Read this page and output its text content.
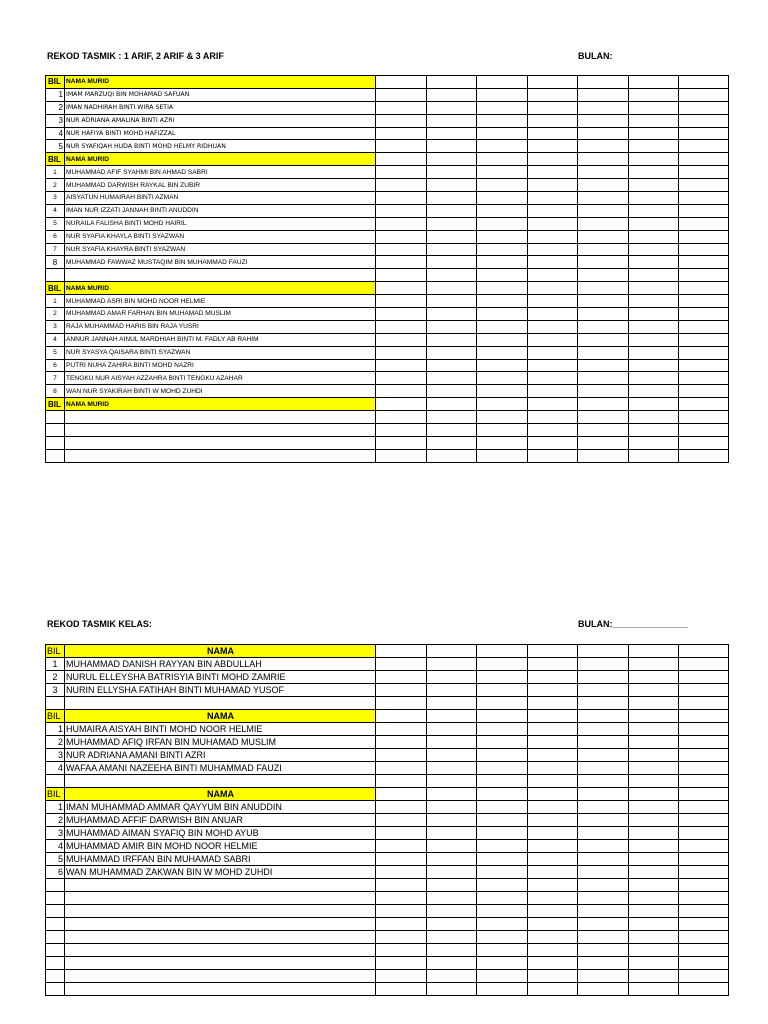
REKOD TASMIK : 1 ARIF, 2 ARIF & 3 ARIF	BULAN:
BIL	NAMA MURID							
1	IMAM MARZUQI BIN MOHAMAD SAFUAN							
2	IMAN NADHIRAH BINTI WIRA SETIA							
3	NUR ADRIANA AMALINA BINTI AZRI							
4	NUR HAFIYA BINTI MOHD HAFIZZAL							
5	NUR SYAFIQAH HUDA BINTI MOHD HELMY RIDHUAN							
BIL	NAMA MURID							
1	MUHAMMAD AFIF SYAHMI BIN AHMAD SABRI							
2	MUHAMMAD DARWISH RAYKAL BIN ZUBIR							
3	AISYATUN HUMAIRAH BINTI AZMAN							
4	IMAN NUR IZZATI JANNAH BINTI ANUDDIN							
5	NURAILA FALISHA BINTI MOHD HAIRIL							
6	NUR SYAFIA KHAYLA BINTI SYAZWAN							
7	NUR SYAFIA KHAYRA BINTI SYAZWAN							
8	MUHAMMAD FAWWAZ MUSTAQIM BIN MUHAMMAD FAUZI							

BIL	NAMA MURID							
1	MUHAMMAD ASRI BIN MOHD NOOR HELMIE							
2	MUHAMMAD AMAR FARHAN BIN MUHAMAD MUSLIM							
3	RAJA MUHAMMAD HARIS BIN RAJA YUSRI							
4	ANNUR JANNAH AINUL MARDHIAH BINTI M. FADLY AB RAHIM							
5	NUR SYASYA QAISARA BINTI SYAZWAN							
6	PUTRI NUHA ZAHIRA BINTI MOHD NAZRI							
7	TENGKU NUR AISYAH AZZAHRA BINTI TENGKU AZAHAR							
8	WAN NUR SYAKIRAH BINTI W MOHD ZUHDI							
BIL	NAMA MURID							

REKOD TASMIK KELAS:	BULAN:_______________
BIL	NAMA							
1	MUHAMMAD DANISH RAYYAN BIN ABDULLAH							
2	NURUL ELLEYSHA BATRISYIA BINTI MOHD ZAMRIE							
3	NURIN ELLYSHA FATIHAH BINTI MUHAMAD YUSOF							

BIL	NAMA							
1	HUMAIRA AISYAH BINTI MOHD NOOR HELMIE							
2	MUHAMMAD AFIQ IRFAN BIN MUHAMAD MUSLIM							
3	NUR ADRIANA AMANI BINTI AZRI							
4	WAFAA AMANI NAZEEHA BINTI MUHAMMAD FAUZI							

BIL	NAMA							
1	IMAN MUHAMMAD AMMAR QAYYUM BIN ANUDDIN							
2	MUHAMMAD AFFIF DARWISH BIN ANUAR							
3	MUHAMMAD AIMAN SYAFIQ BIN MOHD AYUB							
4	MUHAMMAD AMIR BIN MOHD NOOR HELMIE							
5	MUHAMMAD IRFFAN BIN MUHAMAD SABRI							
6	WAN MUHAMMAD ZAKWAN BIN W MOHD ZUHDI							
